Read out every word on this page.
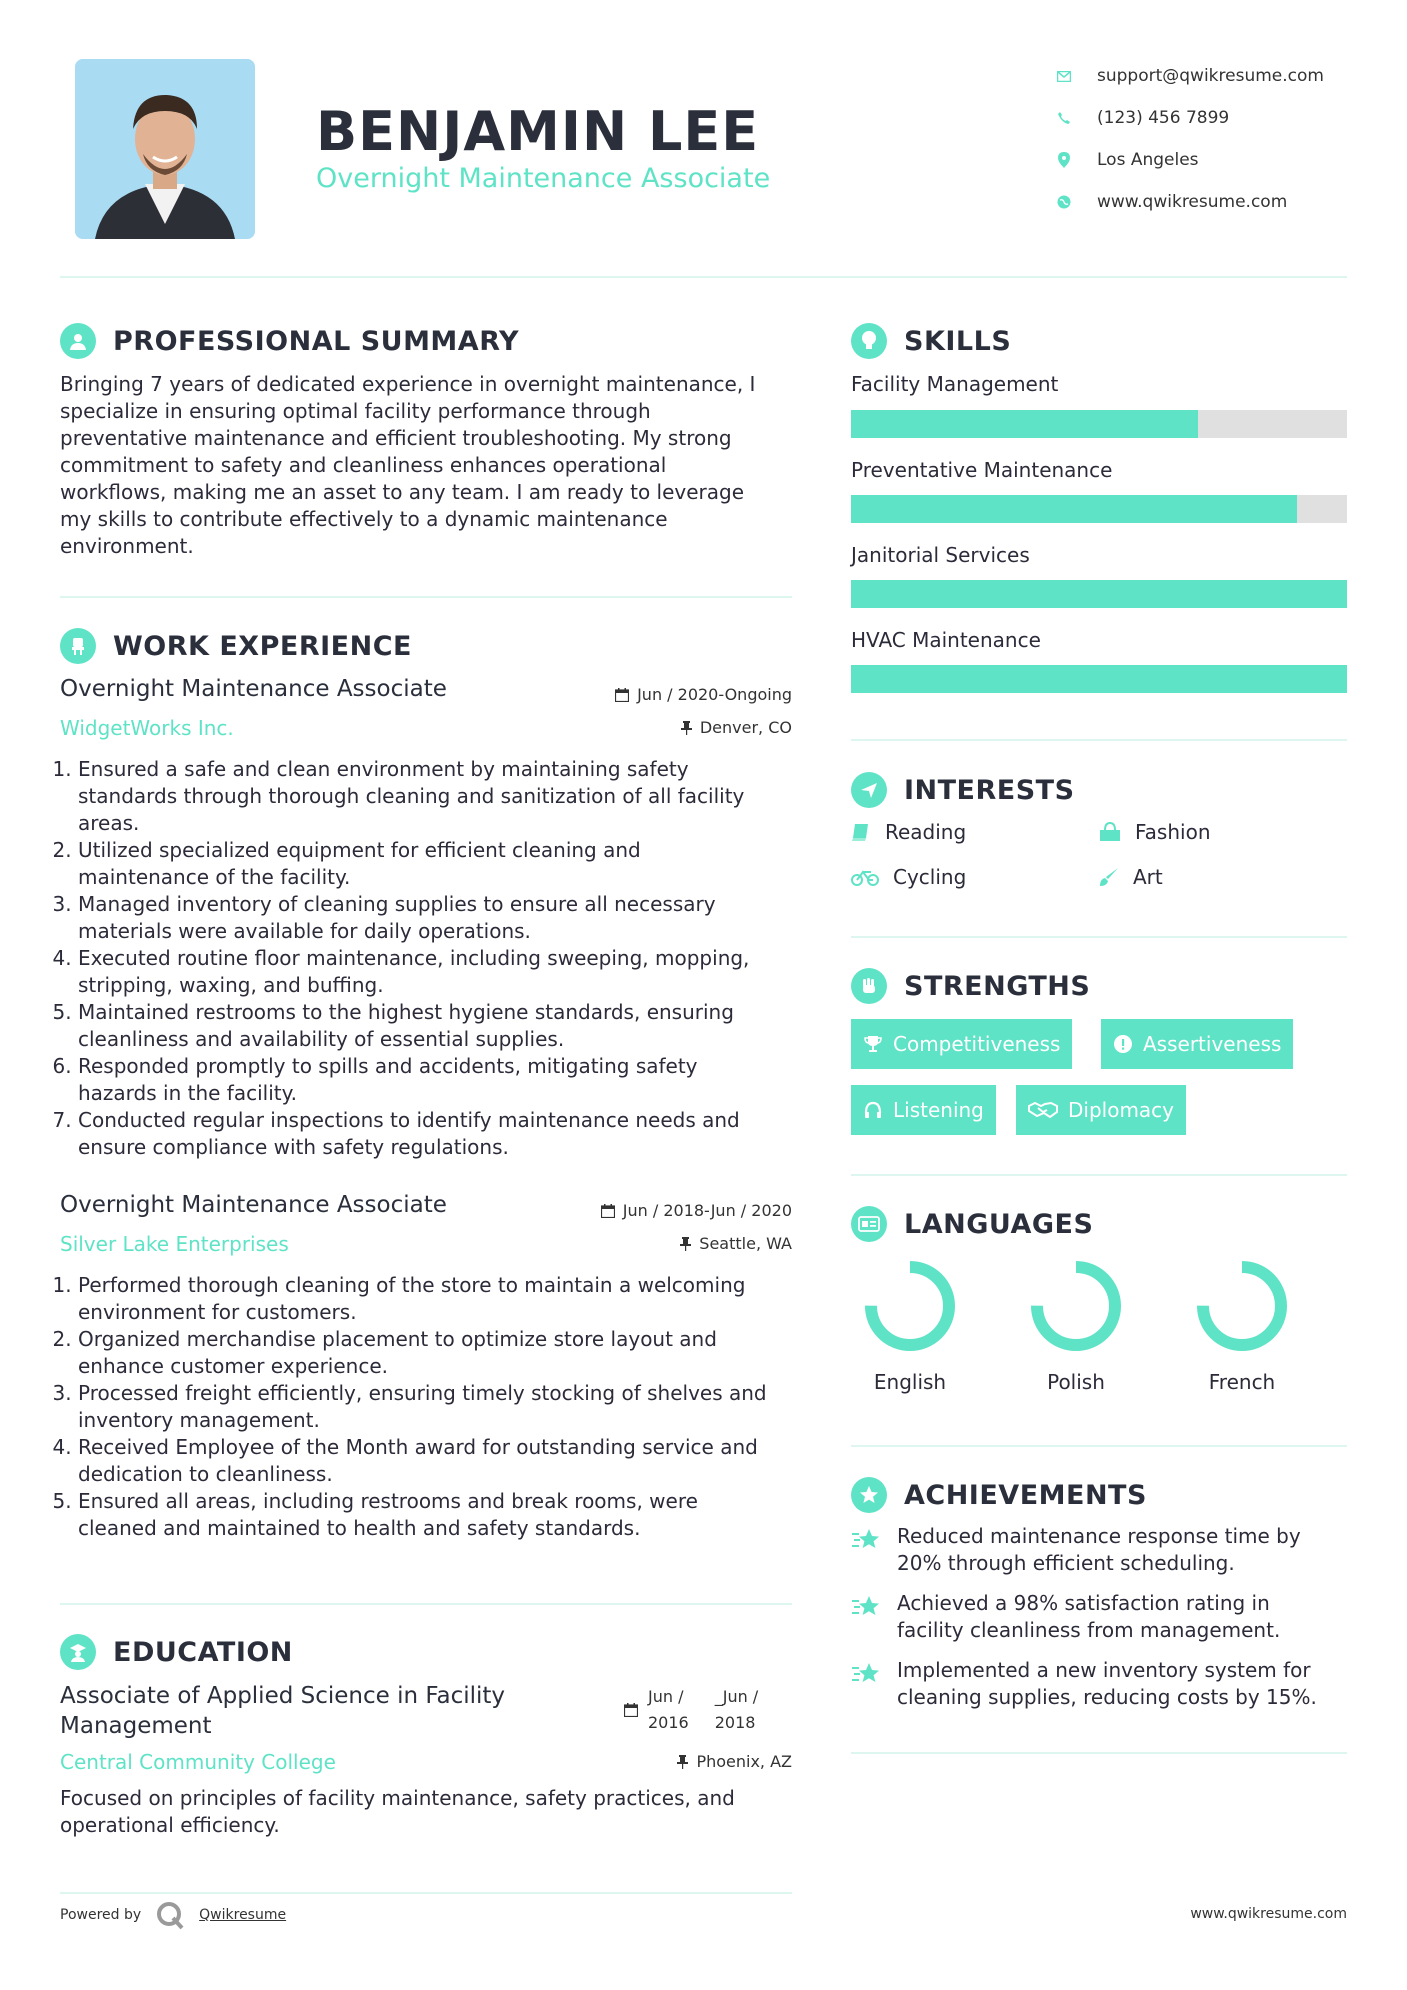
BENJAMIN LEE
Overnight Maintenance Associate
support@qwikresume.com
(123) 456 7899
Los Angeles
www.qwikresume.com
PROFESSIONAL SUMMARY
Bringing 7 years of dedicated experience in overnight maintenance, I
specialize in ensuring optimal facility performance through
preventative maintenance and efficient troubleshooting. My strong
commitment to safety and cleanliness enhances operational
workflows, making me an asset to any team. I am ready to leverage
my skills to contribute effectively to a dynamic maintenance
environment.
WORK EXPERIENCE
Overnight Maintenance Associate	Jun / 2020-Ongoing
WidgetWorks Inc.	Denver, CO
1. Ensured a safe and clean environment by maintaining safety
standards through thorough cleaning and sanitization of all facility
areas.
2. Utilized specialized equipment for efficient cleaning and
maintenance of the facility.
3. Managed inventory of cleaning supplies to ensure all necessary
materials were available for daily operations.
4. Executed routine floor maintenance, including sweeping, mopping,
stripping, waxing, and buffing.
5. Maintained restrooms to the highest hygiene standards, ensuring
cleanliness and availability of essential supplies.
6. Responded promptly to spills and accidents, mitigating safety
hazards in the facility.
7. Conducted regular inspections to identify maintenance needs and
ensure compliance with safety regulations.
Overnight Maintenance Associate	Jun / 2018-Jun / 2020
Silver Lake Enterprises	Seattle, WA
1. Performed thorough cleaning of the store to maintain a welcoming
environment for customers.
2. Organized merchandise placement to optimize store layout and
enhance customer experience.
3. Processed freight efficiently, ensuring timely stocking of shelves and
inventory management.
4. Received Employee of the Month award for outstanding service and
dedication to cleanliness.
5. Ensured all areas, including restrooms and break rooms, were
cleaned and maintained to health and safety standards.
EDUCATION
Associate of Applied Science in Facility
Management
Jun /
2016
_Jun /
2018
Central Community College	Phoenix, AZ
Focused on principles of facility maintenance, safety practices, and
operational efficiency.
SKILLS
Facility Management
Preventative Maintenance
Janitorial Services
HVAC Maintenance
INTERESTS
Reading	Fashion
Cycling	Art
STRENGTHS
Competitiveness	Assertiveness
Listening	Diplomacy
LANGUAGES
English	Polish	French
ACHIEVEMENTS
Reduced maintenance response time by
20% through efficient scheduling.
Achieved a 98% satisfaction rating in
facility cleanliness from management.
Implemented a new inventory system for
cleaning supplies, reducing costs by 15%.
Powered by	Qwikresume	www.qwikresume.com
